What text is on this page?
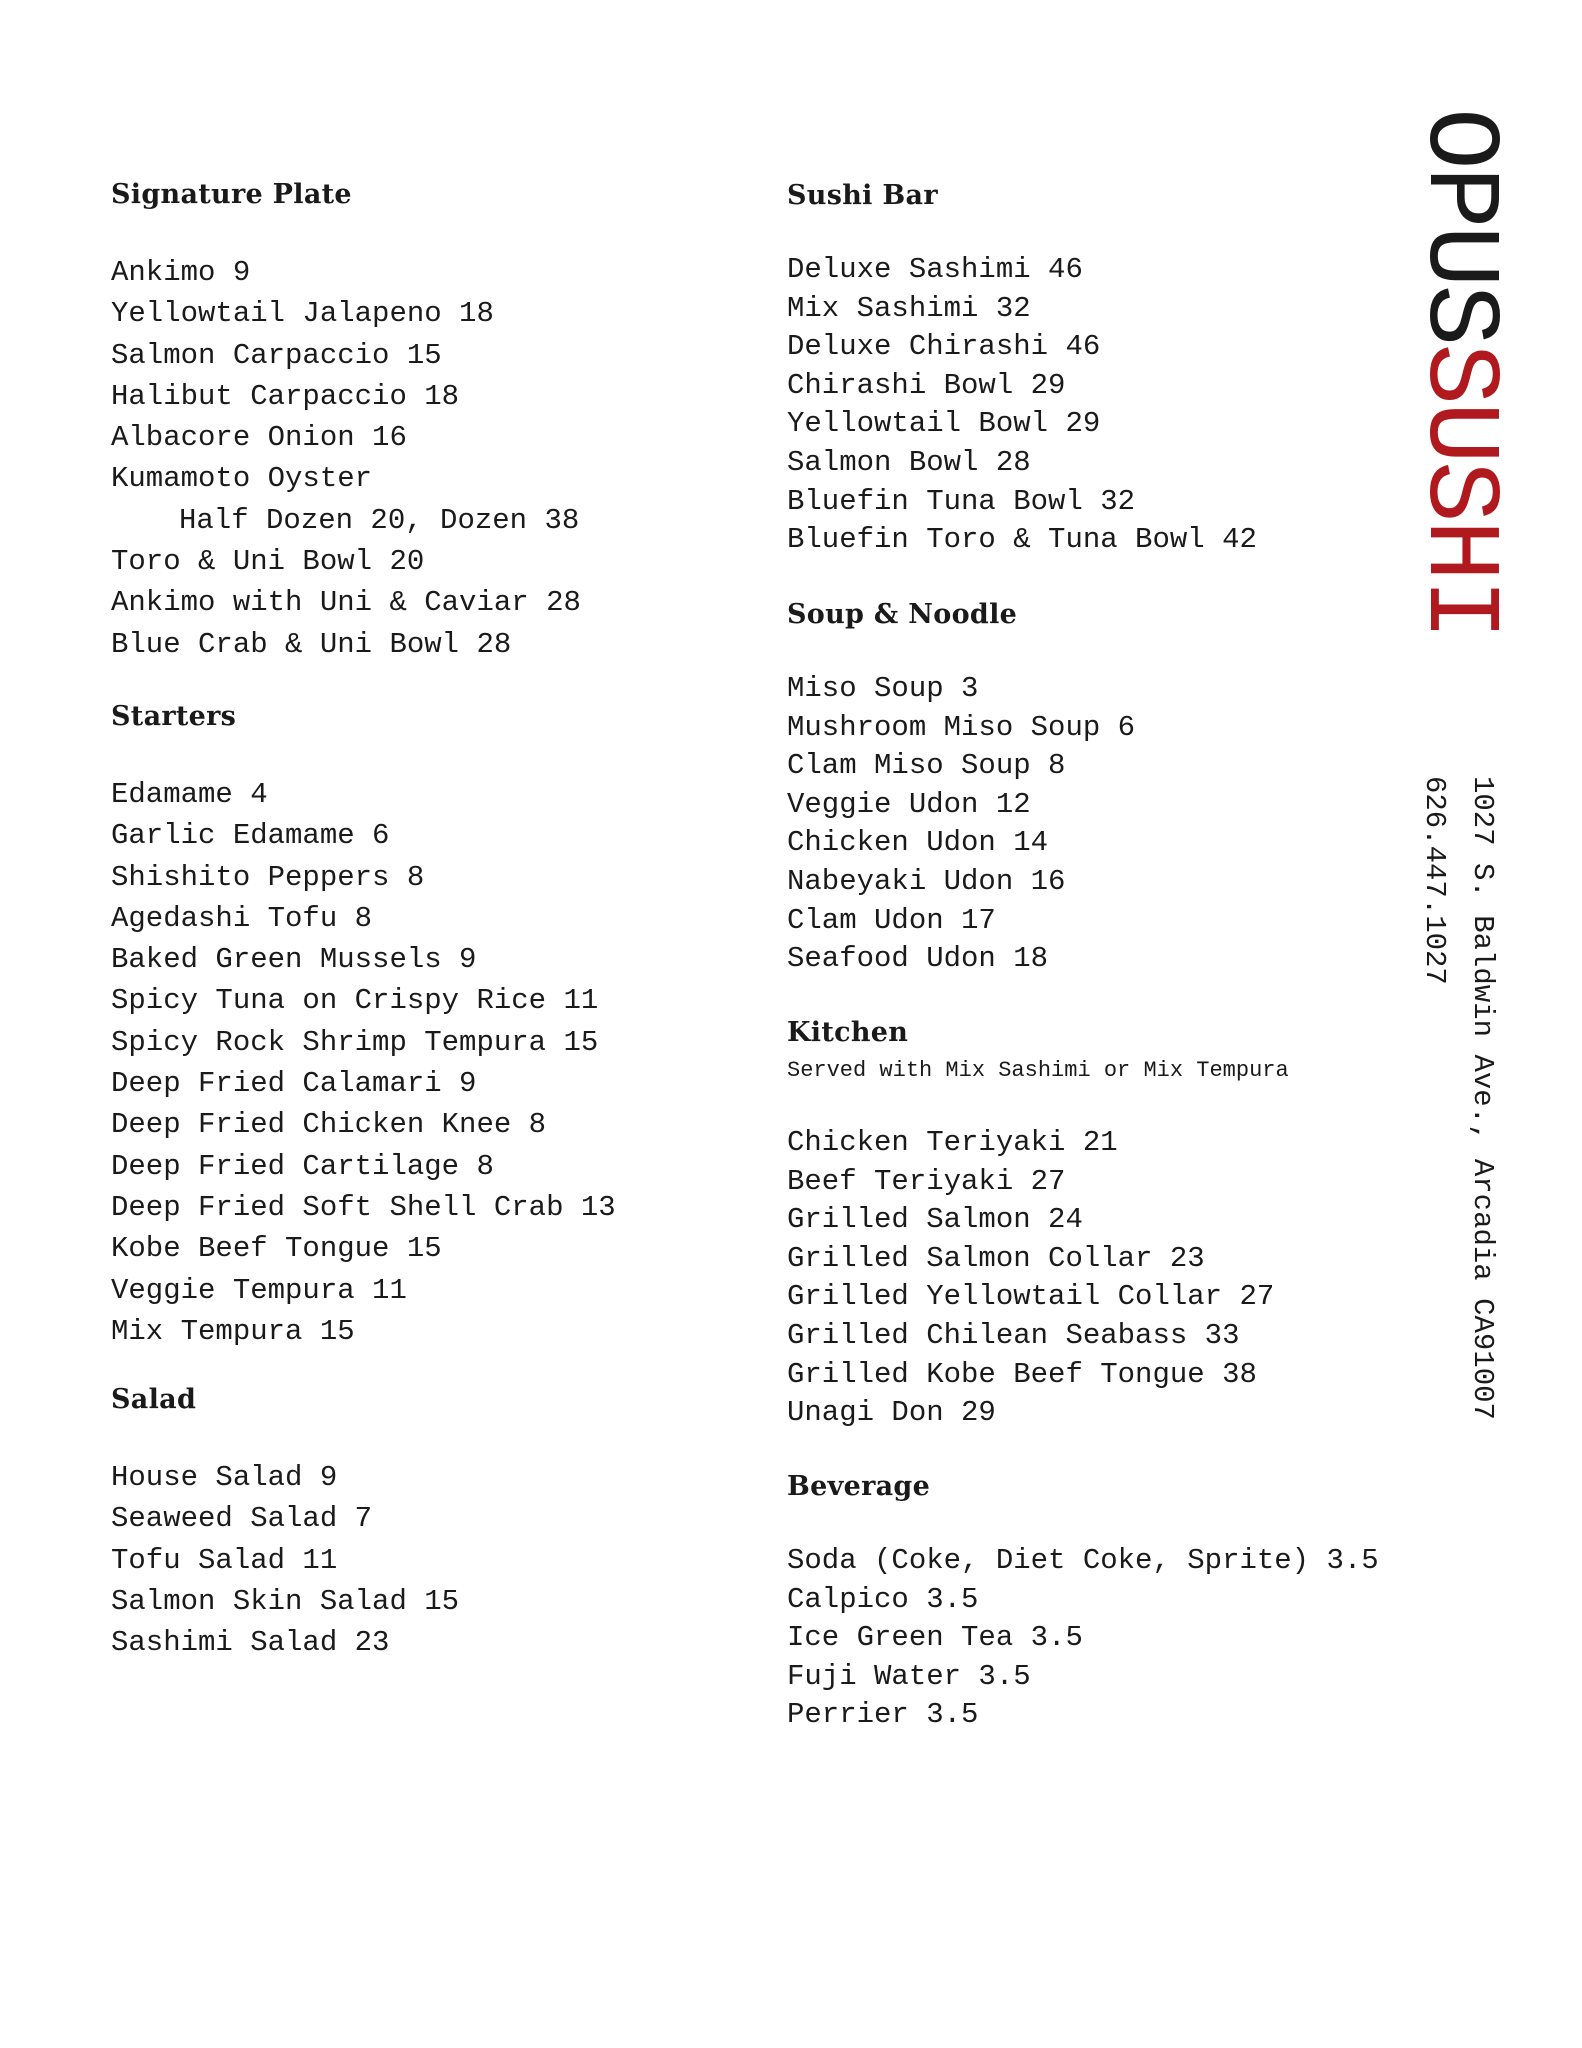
Signature Plate
Ankimo 9
Yellowtail Jalapeno 18
Salmon Carpaccio 15
Halibut Carpaccio 18
Albacore Onion 16
Kumamoto Oyster
Half Dozen 20, Dozen 38
Toro & Uni Bowl 20
Ankimo with Uni & Caviar 28
Blue Crab & Uni Bowl 28
Starters
Edamame 4
Garlic Edamame 6
Shishito Peppers 8
Agedashi Tofu 8
Baked Green Mussels 9
Spicy Tuna on Crispy Rice 11
Spicy Rock Shrimp Tempura 15
Deep Fried Calamari 9
Deep Fried Chicken Knee 8
Deep Fried Cartilage 8
Deep Fried Soft Shell Crab 13
Kobe Beef Tongue 15
Veggie Tempura 11
Mix Tempura 15
Salad
House Salad 9
Seaweed Salad 7
Tofu Salad 11
Salmon Skin Salad 15
Sashimi Salad 23
Sushi Bar
Deluxe Sashimi 46
Mix Sashimi 32
Deluxe Chirashi 46
Chirashi Bowl 29
Yellowtail Bowl 29
Salmon Bowl 28
Bluefin Tuna Bowl 32
Bluefin Toro & Tuna Bowl 42
Soup & Noodle
Miso Soup 3
Mushroom Miso Soup 6
Clam Miso Soup 8
Veggie Udon 12
Chicken Udon 14
Nabeyaki Udon 16
Clam Udon 17
Seafood Udon 18
Kitchen
Served with Mix Sashimi or Mix Tempura
Chicken Teriyaki 21
Beef Teriyaki 27
Grilled Salmon 24
Grilled Salmon Collar 23
Grilled Yellowtail Collar 27
Grilled Chilean Seabass 33
Grilled Kobe Beef Tongue 38
Unagi Don 29
Beverage
Soda (Coke, Diet Coke, Sprite) 3.5
Calpico 3.5
Ice Green Tea 3.5
Fuji Water 3.5
Perrier 3.5
OPUSSUSHI
1027 S. Baldwin Ave., Arcadia CA91007
626.447.1027
